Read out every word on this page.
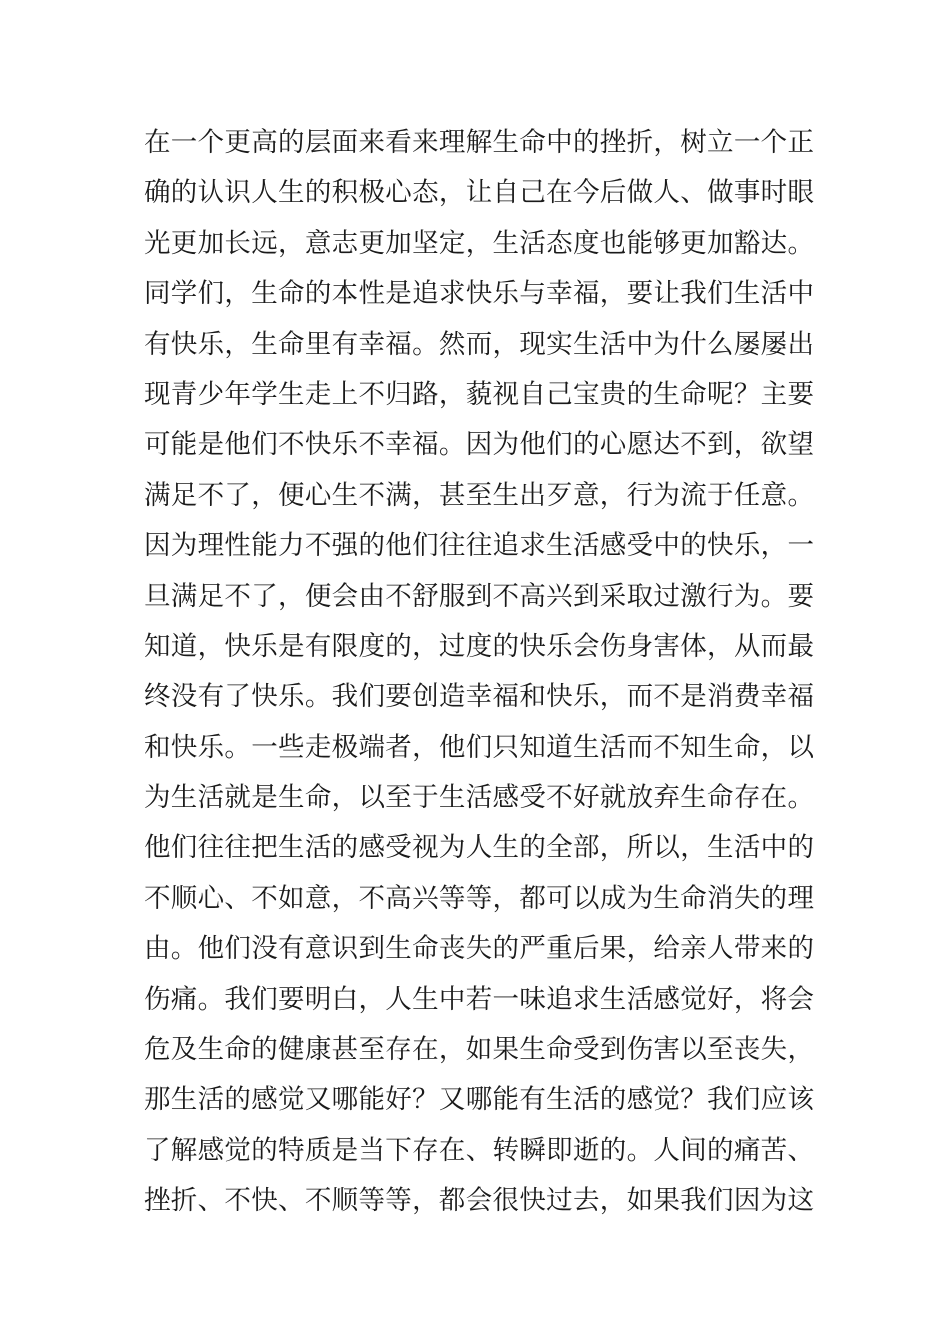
在一个更高的层面来看来理解生命中的挫折，树立一个正
确的认识人生的积极心态，让自己在今后做人、做事时眼
光更加长远，意志更加坚定，生活态度也能够更加豁达。
同学们，生命的本性是追求快乐与幸福，要让我们生活中
有快乐，生命里有幸福。然而，现实生活中为什么屡屡出
现青少年学生走上不归路，藐视自己宝贵的生命呢？主要
可能是他们不快乐不幸福。因为他们的心愿达不到，欲望
满足不了，便心生不满，甚至生出歹意，行为流于任意。
因为理性能力不强的他们往往追求生活感受中的快乐，一
旦满足不了，便会由不舒服到不高兴到采取过激行为。要
知道，快乐是有限度的，过度的快乐会伤身害体，从而最
终没有了快乐。我们要创造幸福和快乐，而不是消费幸福
和快乐。一些走极端者，他们只知道生活而不知生命，以
为生活就是生命，以至于生活感受不好就放弃生命存在。
他们往往把生活的感受视为人生的全部，所以，生活中的
不顺心、不如意，不高兴等等，都可以成为生命消失的理
由。他们没有意识到生命丧失的严重后果，给亲人带来的
伤痛。我们要明白，人生中若一味追求生活感觉好，将会
危及生命的健康甚至存在，如果生命受到伤害以至丧失，
那生活的感觉又哪能好？又哪能有生活的感觉？我们应该
了解感觉的特质是当下存在、转瞬即逝的。人间的痛苦、
挫折、不快、不顺等等，都会很快过去，如果我们因为这
